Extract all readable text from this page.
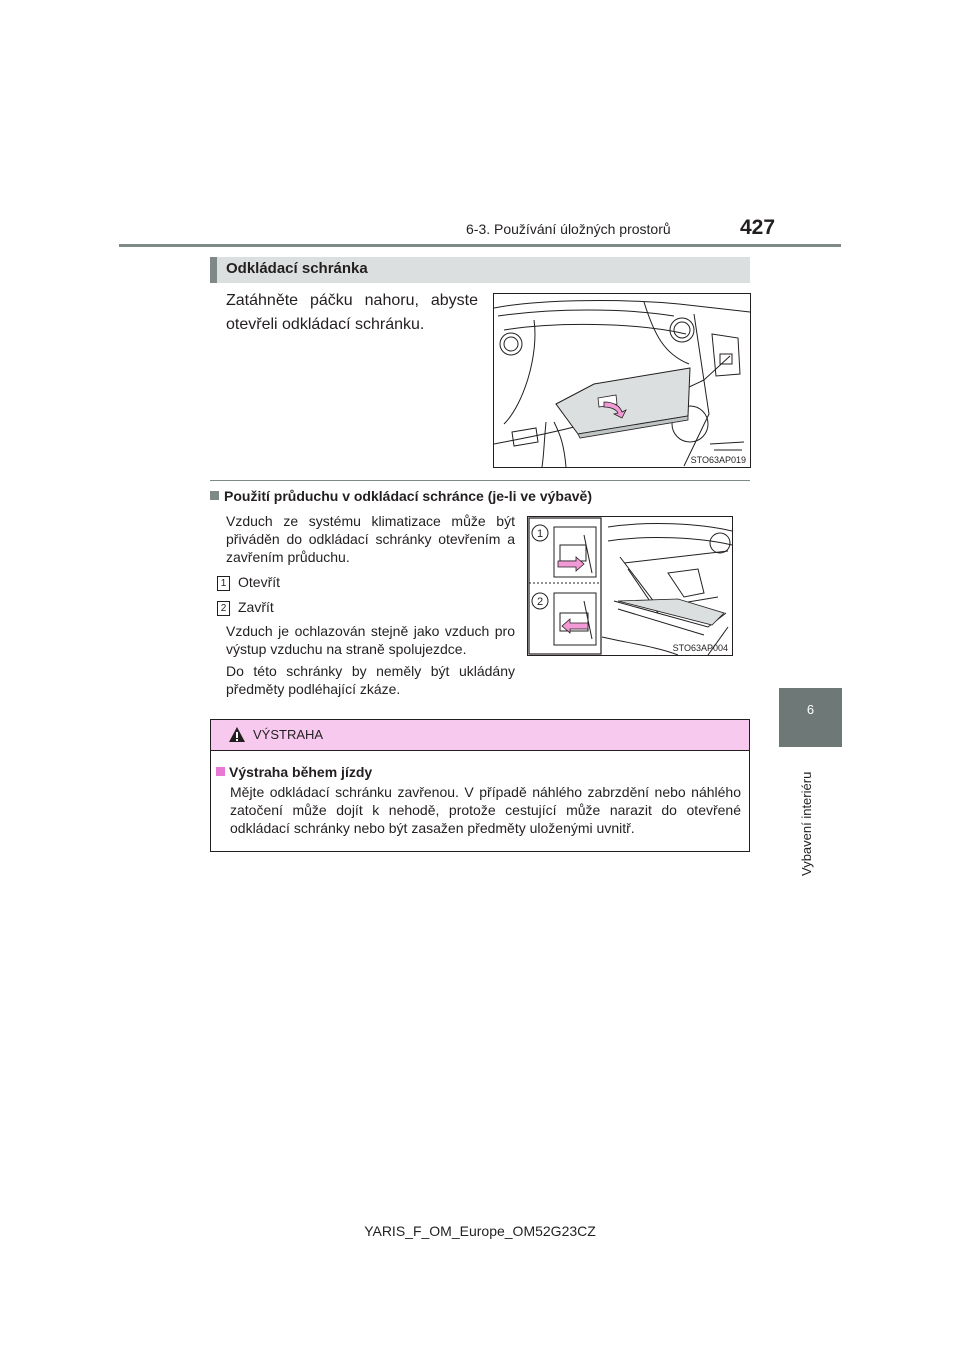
6-3. Používání úložných prostorů	427
6
Vybavení interiéru
Odkládací schránka
Zatáhněte páčku nahoru, abyste otevřeli odkládací schránku.
STO63AP019
Použití průduchu v odkládací schránce (je-li ve výbavě)
Vzduch ze systému klimatizace může být přiváděn do odkládací schránky otevřením a zavřením průduchu.
1 Otevřít
2 Zavřít
Vzduch je ochlazován stejně jako vzduch pro výstup vzduchu na straně spolujezdce.
Do této schránky by neměly být ukládány předměty podléhající zkáze.
1
2
STO63AP004
VÝSTRAHA
Výstraha během jízdy
Mějte odkládací schránku zavřenou. V případě náhlého zabrzdění nebo náhlého zatočení může dojít k nehodě, protože cestující může narazit do otevřené odkládací schránky nebo být zasažen předměty uloženými uvnitř.
YARIS_F_OM_Europe_OM52G23CZ
